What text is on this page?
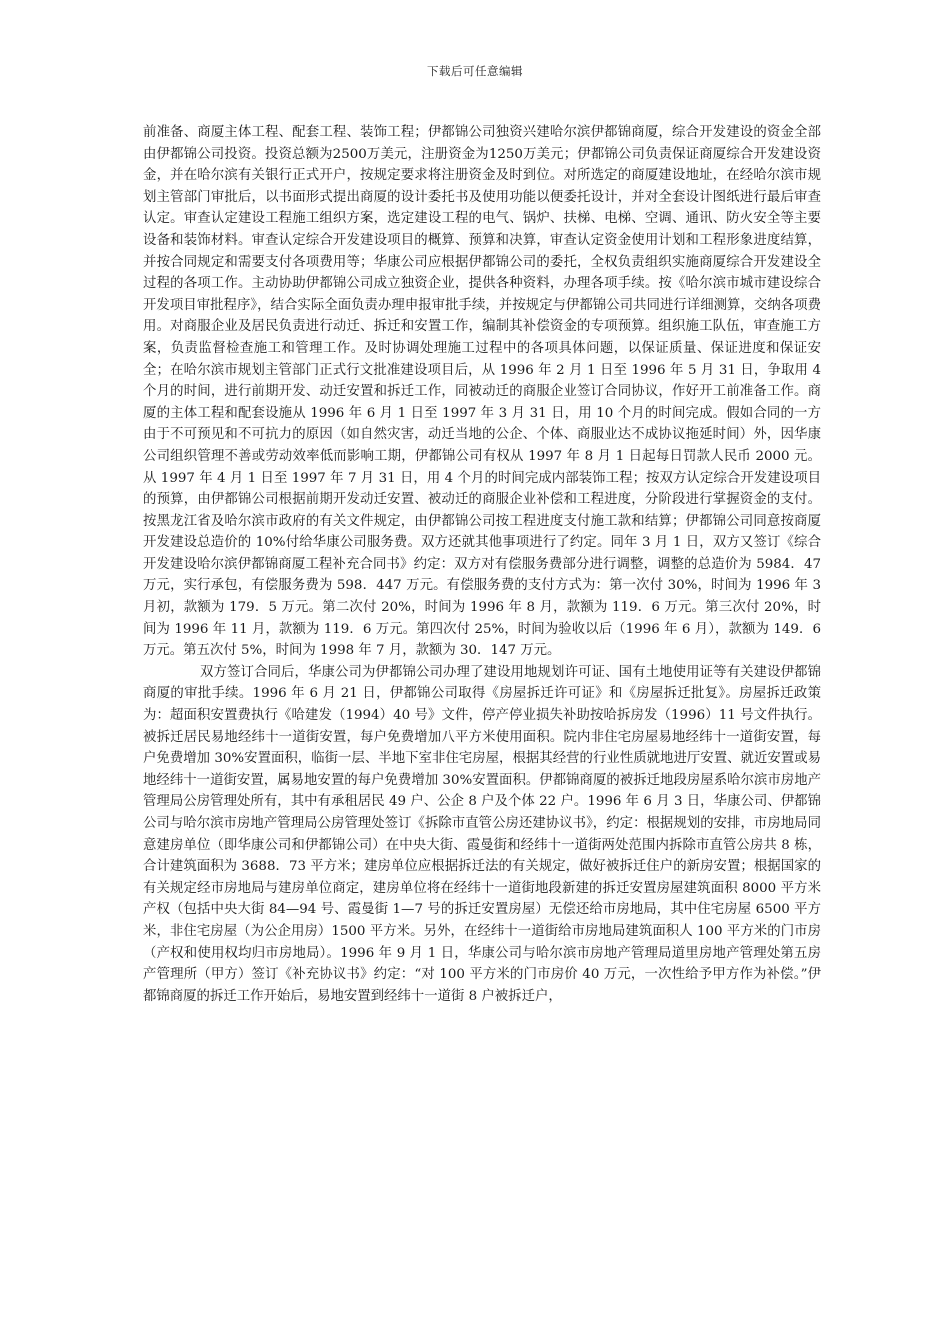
下载后可任意编辑

前准备、商厦主体工程、配套工程、装饰工程；伊都锦公司独资兴建哈尔滨伊都锦商厦，综合开发建设的资金全部由伊都锦公司投资。投资总额为2500万美元，注册资金为1250万美元；伊都锦公司负责保证商厦综合开发建设资金，并在哈尔滨有关银行正式开户，按规定要求将注册资金及时到位。对所选定的商厦建设地址，在经哈尔滨市规划主管部门审批后，以书面形式提出商厦的设计委托书及使用功能以便委托设计，并对全套设计图纸进行最后审查认定。审查认定建设工程施工组织方案，选定建设工程的电气、锅炉、扶梯、电梯、空调、通讯、防火安全等主要设备和装饰材料。审查认定综合开发建设项目的概算、预算和决算，审查认定资金使用计划和工程形象进度结算，并按合同规定和需要支付各项费用等；华康公司应根据伊都锦公司的委托，全权负责组织实施商厦综合开发建设全过程的各项工作。主动协助伊都锦公司成立独资企业，提供各种资料，办理各项手续。按《哈尔滨市城市建设综合开发项目审批程序》，结合实际全面负责办理申报审批手续，并按规定与伊都锦公司共同进行详细测算，交纳各项费用。对商服企业及居民负责进行动迁、拆迁和安置工作，编制其补偿资金的专项预算。组织施工队伍，审查施工方案，负责监督检查施工和管理工作。及时协调处理施工过程中的各项具体问题，以保证质量、保证进度和保证安全；在哈尔滨市规划主管部门正式行文批准建设项目后，从 1996 年 2 月 1 日至 1996 年 5 月 31 日，争取用 4 个月的时间，进行前期开发、动迁安置和拆迁工作，同被动迁的商服企业签订合同协议，作好开工前准备工作。商厦的主体工程和配套设施从 1996 年 6 月 1 日至 1997 年 3 月 31 日，用 10 个月的时间完成。假如合同的一方由于不可预见和不可抗力的原因（如自然灾害，动迁当地的公企、个体、商服业达不成协议拖延时间）外，因华康公司组织管理不善或劳动效率低而影响工期，伊都锦公司有权从 1997 年 8 月 1 日起每日罚款人民币 2000 元。从 1997 年 4 月 1 日至 1997 年 7 月 31 日，用 4 个月的时间完成内部装饰工程；按双方认定综合开发建设项目的预算，由伊都锦公司根据前期开发动迁安置、被动迁的商服企业补偿和工程进度，分阶段进行掌握资金的支付。按黑龙江省及哈尔滨市政府的有关文件规定，由伊都锦公司按工程进度支付施工款和结算；伊都锦公司同意按商厦开发建设总造价的 10%付给华康公司服务费。双方还就其他事项进行了约定。同年 3 月 1 日，双方又签订《综合开发建设哈尔滨伊都锦商厦工程补充合同书》约定：双方对有偿服务费部分进行调整，调整的总造价为 5984．47 万元，实行承包，有偿服务费为 598．447 万元。有偿服务费的支付方式为：第一次付 30%，时间为 1996 年 3 月初，款额为 179．5 万元。第二次付 20%，时间为 1996 年 8 月，款额为 119．6 万元。第三次付 20%，时间为 1996 年 11 月，款额为 119．6 万元。第四次付 25%，时间为验收以后（1996 年 6 月），款额为 149．6 万元。第五次付 5%，时间为 1998 年 7 月，款额为 30．147 万元。

双方签订合同后，华康公司为伊都锦公司办理了建设用地规划许可证、国有土地使用证等有关建设伊都锦商厦的审批手续。1996 年 6 月 21 日，伊都锦公司取得《房屋拆迁许可证》和《房屋拆迁批复》。房屋拆迁政策为：超面积安置费执行《哈建发（1994）40 号》文件，停产停业损失补助按哈拆房发（1996）11 号文件执行。被拆迁居民易地经纬十一道街安置，每户免费增加八平方米使用面积。院内非住宅房屋易地经纬十一道街安置，每户免费增加 30%安置面积，临街一层、半地下室非住宅房屋，根据其经营的行业性质就地进厅安置、就近安置或易地经纬十一道街安置，属易地安置的每户免费增加 30%安置面积。伊都锦商厦的被拆迁地段房屋系哈尔滨市房地产管理局公房管理处所有，其中有承租居民 49 户、公企 8 户及个体 22 户。1996 年 6 月 3 日，华康公司、伊都锦公司与哈尔滨市房地产管理局公房管理处签订《拆除市直管公房还建协议书》，约定：根据规划的安排，市房地局同意建房单位（即华康公司和伊都锦公司）在中央大街、霞曼街和经纬十一道街两处范围内拆除市直管公房共 8 栋，合计建筑面积为 3688．73 平方米；建房单位应根据拆迁法的有关规定，做好被拆迁住户的新房安置；根据国家的有关规定经市房地局与建房单位商定，建房单位将在经纬十一道街地段新建的拆迁安置房屋建筑面积 8000 平方米产权（包括中央大街 84—94 号、霞曼街 1—7 号的拆迁安置房屋）无偿还给市房地局，其中住宅房屋 6500 平方米，非住宅房屋（为公企用房）1500 平方米。另外，在经纬十一道街给市房地局建筑面积人 100 平方米的门市房（产权和使用权均归市房地局）。1996 年 9 月 1 日，华康公司与哈尔滨市房地产管理局道里房地产管理处第五房产管理所（甲方）签订《补充协议书》约定：“对 100 平方米的门市房价 40 万元，一次性给予甲方作为补偿。”伊都锦商厦的拆迁工作开始后，易地安置到经纬十一道街 8 户被拆迁户，
